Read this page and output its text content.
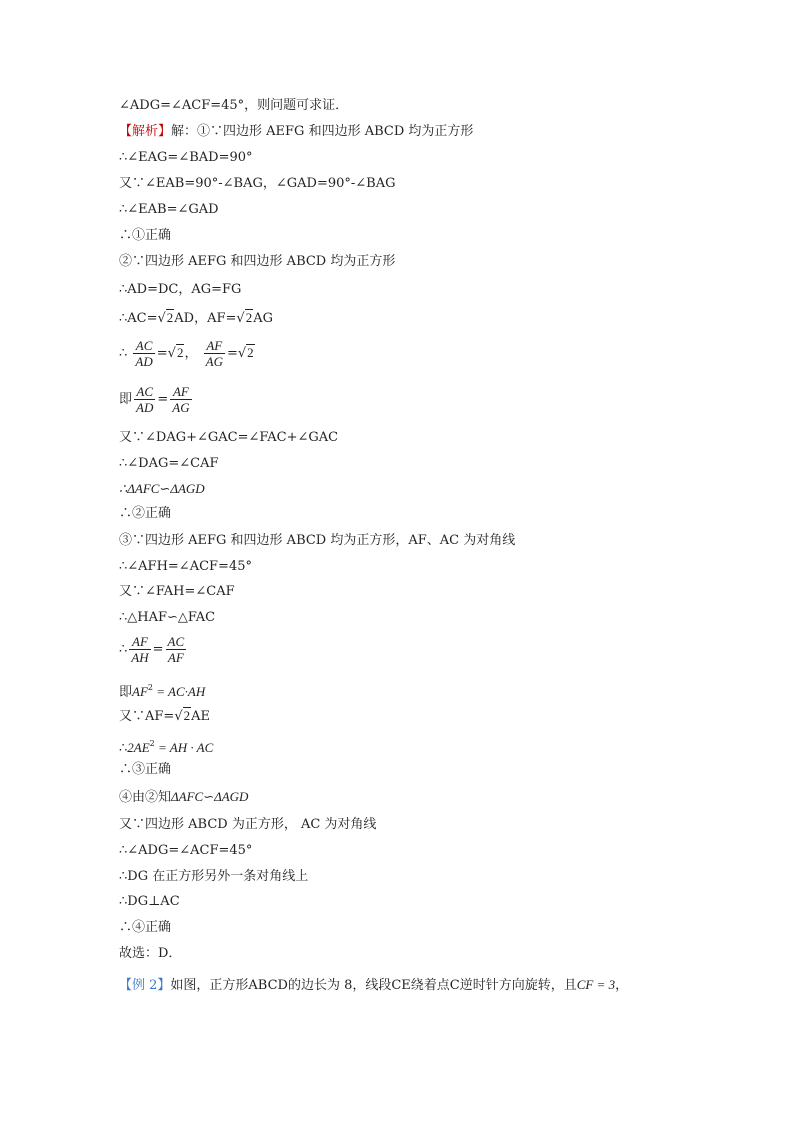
∠ADG=∠ACF=45°，则问题可求证．
【解析】解：①∵四边形 AEFG 和四边形 ABCD 均为正方形
∴∠EAG=∠BAD=90°
又∵∠EAB=90°-∠BAG，∠GAD=90°-∠BAG
∴∠EAB=∠GAD
∴①正确
②∵四边形 AEFG 和四边形 ABCD 均为正方形
∴AD=DC，AG=FG
∴AC=√2AD，AF=√2AG
∴ $\frac{AC}{AD} =√2$， $\frac{AF}{AG} =√2$
即 $\frac{AC}{AD} = \frac{AF}{AG}$
又∵∠DAG+∠GAC=∠FAC+∠GAC
∴∠DAG=∠CAF
∴ΔAFC∽ΔAGD
∴②正确
③∵四边形 AEFG 和四边形 ABCD 均为正方形，AF、AC 为对角线
∴∠AFH=∠ACF=45°
又∵∠FAH=∠CAF
∴△HAF∽△FAC
∴ $\frac{AF}{AH} = \frac{AC}{AF}$
即$AF^2 = AC\cdot AH$
又∵AF=√2AE
$\therefore 2AE^2$ = AH · AC
∴③正确
④由②知ΔAFC∽ΔAGD
又∵四边形 ABCD 为正方形， AC 为对角线
∴∠ADG=∠ACF=45°
∴DG 在正方形另外一条对角线上
∴DG⊥AC
∴④正确
故选：D．
【例 2】如图，正方形ABCD的边长为 8，线段CE绕着点C逆时针方向旋转，且CF = 3，
